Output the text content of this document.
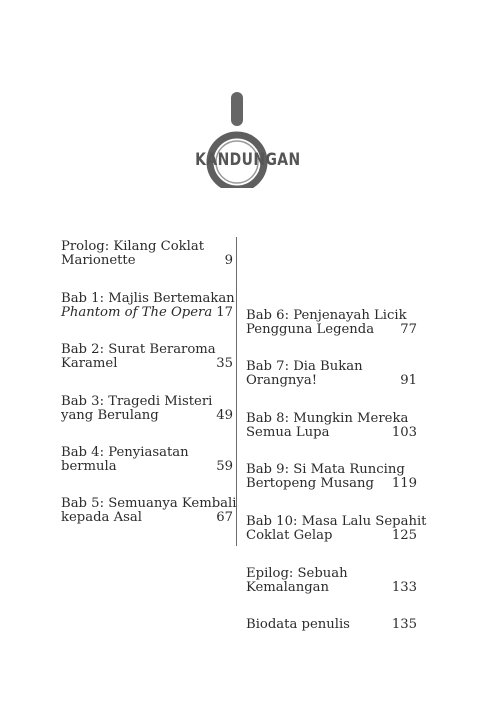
KANDUNGAN
Prolog: Kilang Coklat
Marionette	9
Bab 1: Majlis Bertemakan
Phantom of The Opera 17
Bab 2: Surat Beraroma
Karamel	35
Bab 3: Tragedi Misteri
yang Berulang	49
Bab 4: Penyiasatan
bermula	59
Bab 5: Semuanya Kembali
kepada Asal	67
Bab 6: Penjenayah Licik
Pengguna Legenda	77
Bab 7: Dia Bukan
Orangnya!	91
Bab 8: Mungkin Mereka
Semua Lupa	103
Bab 9: Si Mata Runcing
Bertopeng Musang	119
Bab 10: Masa Lalu Sepahit
Coklat Gelap	125
Epilog: Sebuah
Kemalangan	133
Biodata penulis	135
